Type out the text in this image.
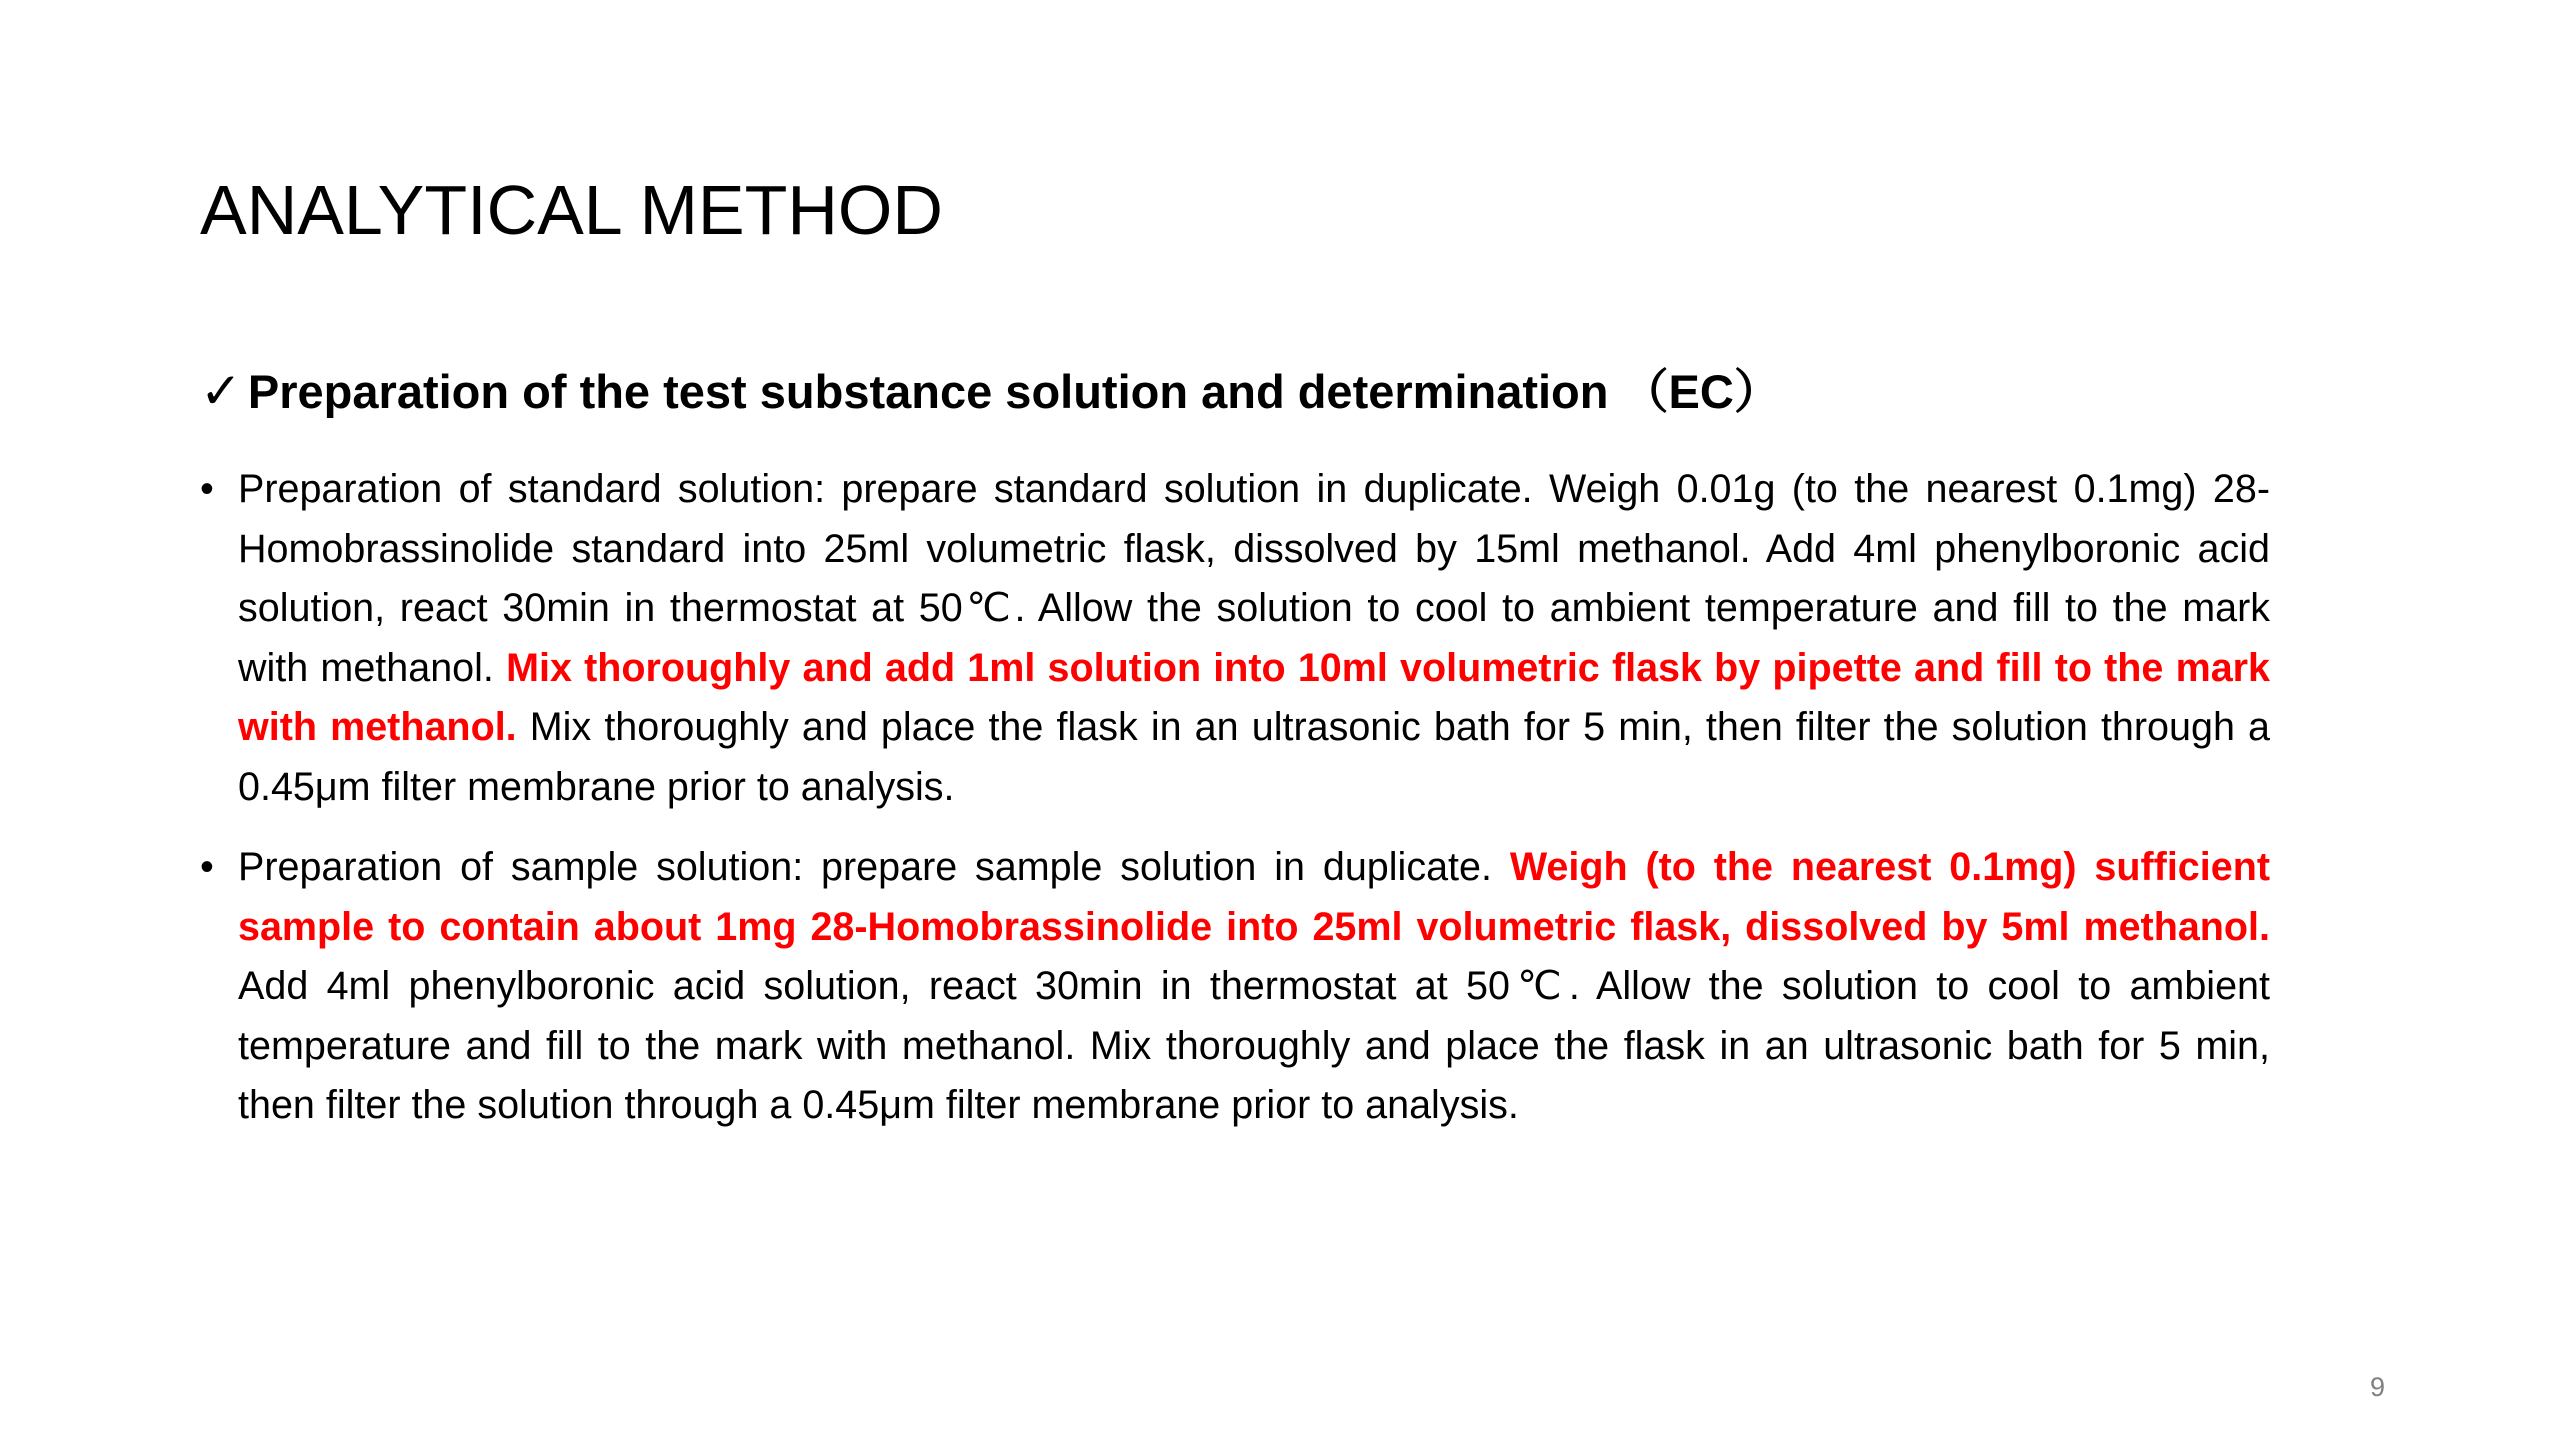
ANALYTICAL METHOD
✓ Preparation of the test substance solution and determination （EC）
• Preparation of standard solution: prepare standard solution in duplicate. Weigh 0.01g (to the nearest 0.1mg) 28-Homobrassinolide standard into 25ml volumetric flask, dissolved by 15ml methanol. Add 4ml phenylboronic acid solution, react 30min in thermostat at 50℃. Allow the solution to cool to ambient temperature and fill to the mark with methanol. Mix thoroughly and add 1ml solution into 10ml volumetric flask by pipette and fill to the mark with methanol. Mix thoroughly and place the flask in an ultrasonic bath for 5 min, then filter the solution through a 0.45μm filter membrane prior to analysis.
• Preparation of sample solution: prepare sample solution in duplicate. Weigh (to the nearest 0.1mg) sufficient sample to contain about 1mg 28-Homobrassinolide into 25ml volumetric flask, dissolved by 5ml methanol. Add 4ml phenylboronic acid solution, react 30min in thermostat at 50℃. Allow the solution to cool to ambient temperature and fill to the mark with methanol. Mix thoroughly and place the flask in an ultrasonic bath for 5 min, then filter the solution through a 0.45μm filter membrane prior to analysis.
9
